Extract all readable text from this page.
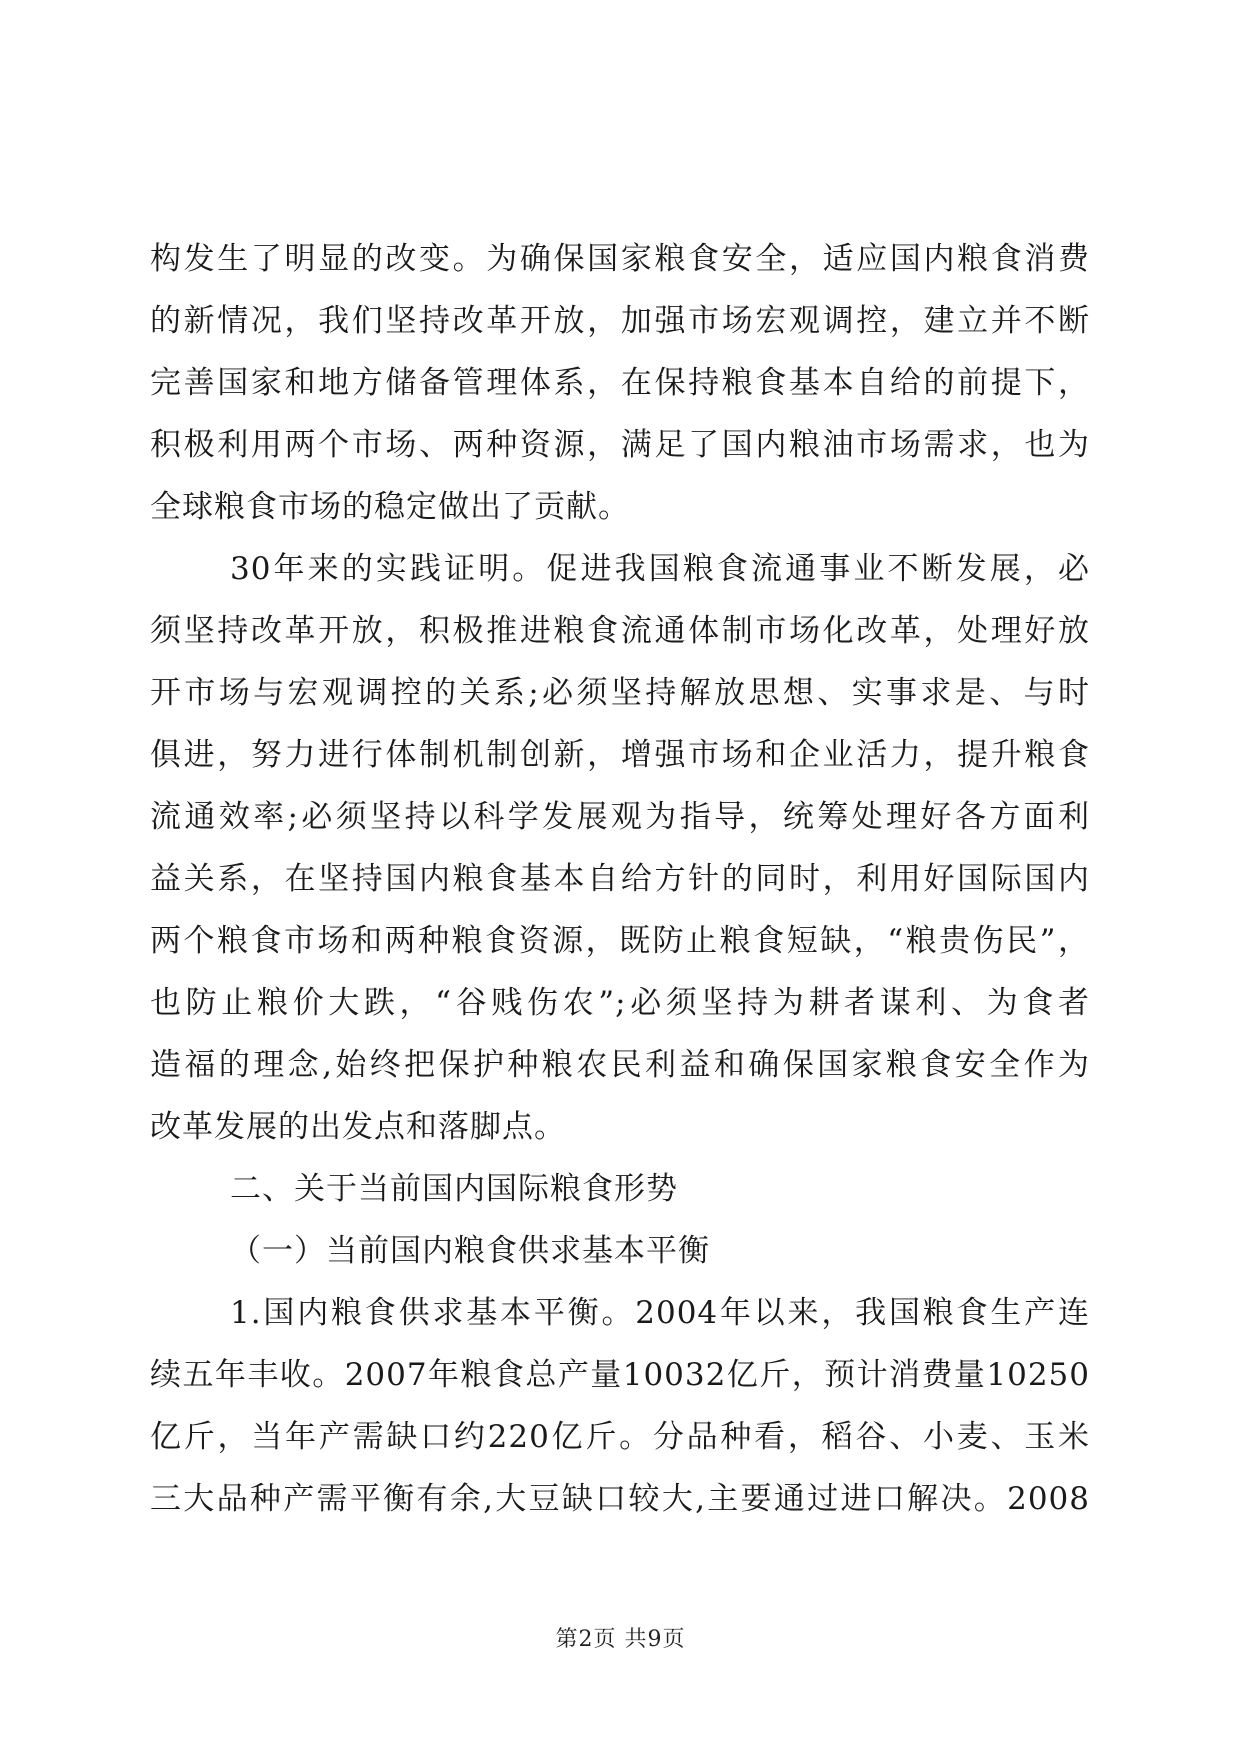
构发生了明显的改变。为确保国家粮食安全，适应国内粮食消费
的新情况，我们坚持改革开放，加强市场宏观调控，建立并不断
完善国家和地方储备管理体系，在保持粮食基本自给的前提下，
积极利用两个市场、两种资源，满足了国内粮油市场需求，也为
全球粮食市场的稳定做出了贡献。
30年来的实践证明。促进我国粮食流通事业不断发展，必
须坚持改革开放，积极推进粮食流通体制市场化改革，处理好放
开市场与宏观调控的关系;必须坚持解放思想、实事求是、与时
俱进，努力进行体制机制创新，增强市场和企业活力，提升粮食
流通效率;必须坚持以科学发展观为指导，统筹处理好各方面利
益关系，在坚持国内粮食基本自给方针的同时，利用好国际国内
两个粮食市场和两种粮食资源，既防止粮食短缺，“粮贵伤民”，
也防止粮价大跌，“谷贱伤农”;必须坚持为耕者谋利、为食者
造福的理念,始终把保护种粮农民利益和确保国家粮食安全作为
改革发展的出发点和落脚点。
二、关于当前国内国际粮食形势
（一）当前国内粮食供求基本平衡
1.国内粮食供求基本平衡。2004年以来，我国粮食生产连
续五年丰收。2007年粮食总产量10032亿斤，预计消费量10250
亿斤，当年产需缺口约220亿斤。分品种看，稻谷、小麦、玉米
三大品种产需平衡有余,大豆缺口较大,主要通过进口解决。2008
第2页 共9页
